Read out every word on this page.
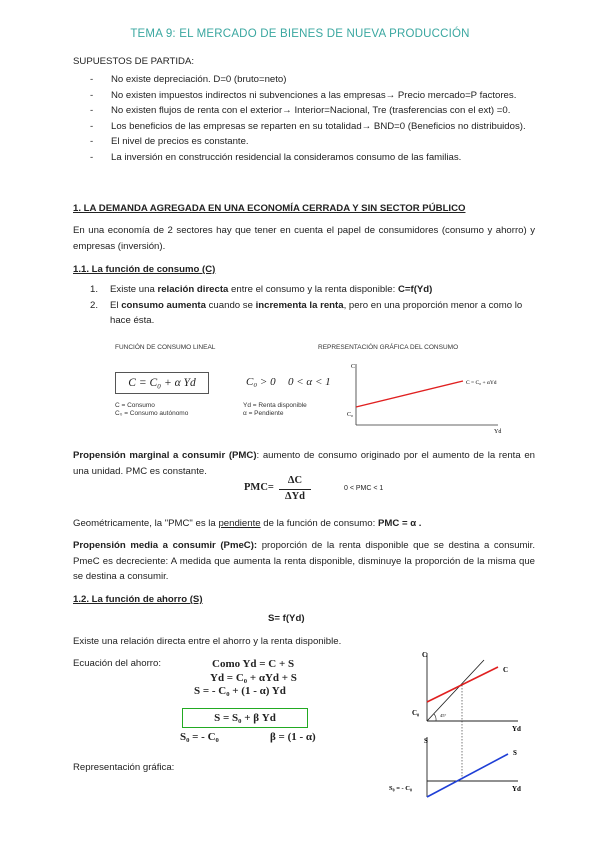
TEMA 9: EL MERCADO DE BIENES DE NUEVA PRODUCCIÓN
SUPUESTOS DE PARTIDA:
- No existe depreciación. D=0 (bruto=neto)
- No existen impuestos indirectos ni subvenciones a las empresas→ Precio mercado=P factores.
- No existen flujos de renta con el exterior→ Interior=Nacional, Tre (trasferencias con el ext) =0.
- Los beneficios de las empresas se reparten en su totalidad→ BND=0 (Beneficios no distribuidos).
- El nivel de precios es constante.
- La inversión en construcción residencial la consideramos consumo de las familias.
1. LA DEMANDA AGREGADA EN UNA ECONOMÍA CERRADA Y SIN SECTOR PÚBLICO
En una economía de 2 sectores hay que tener en cuenta el papel de consumidores (consumo y ahorro) y empresas (inversión).
1.1. La función de consumo (C)
1. Existe una relación directa entre el consumo y la renta disponible: C=f(Yd)
2. El consumo aumenta cuando se incrementa la renta, pero en una proporción menor a como lo hace ésta.
FUNCIÓN DE CONSUMO LINEAL	REPRESENTACIÓN GRÁFICA DEL CONSUMO
C = C₀ + α Yd	C₀ > 0 0 < α < 1
C = Consumo	Yd = Renta disponible
C₀ = Consumo autónomo	α = Pendiente
C
Yd
C₀
C = C₀ + αYd
Propensión marginal a consumir (PMC): aumento de consumo originado por el aumento de la renta en una unidad. PMC es constante.
PMC=
ΔC
ΔYd
0 < PMC < 1
Geométricamente, la "PMC" es la pendiente de la función de consumo: PMC = α .
Propensión media a consumir (PmeC): proporción de la renta disponible que se destina a consumir. PmeC es decreciente: A medida que aumenta la renta disponible, disminuye la proporción de la misma que se destina a consumir.
1.2. La función de ahorro (S)
S= f(Yd)
Existe una relación directa entre el ahorro y la renta disponible.
Ecuación del ahorro:	Como Yd = C + S
Yd = C₀ + αYd + S
S = - C₀ + (1 - α) Yd
S = S₀ + β Yd
S₀ = - C₀	β = (1 - α)
Representación gráfica:
C
Yd
C₀
C
45°
S
Yd
S₀ = - C₀
S
